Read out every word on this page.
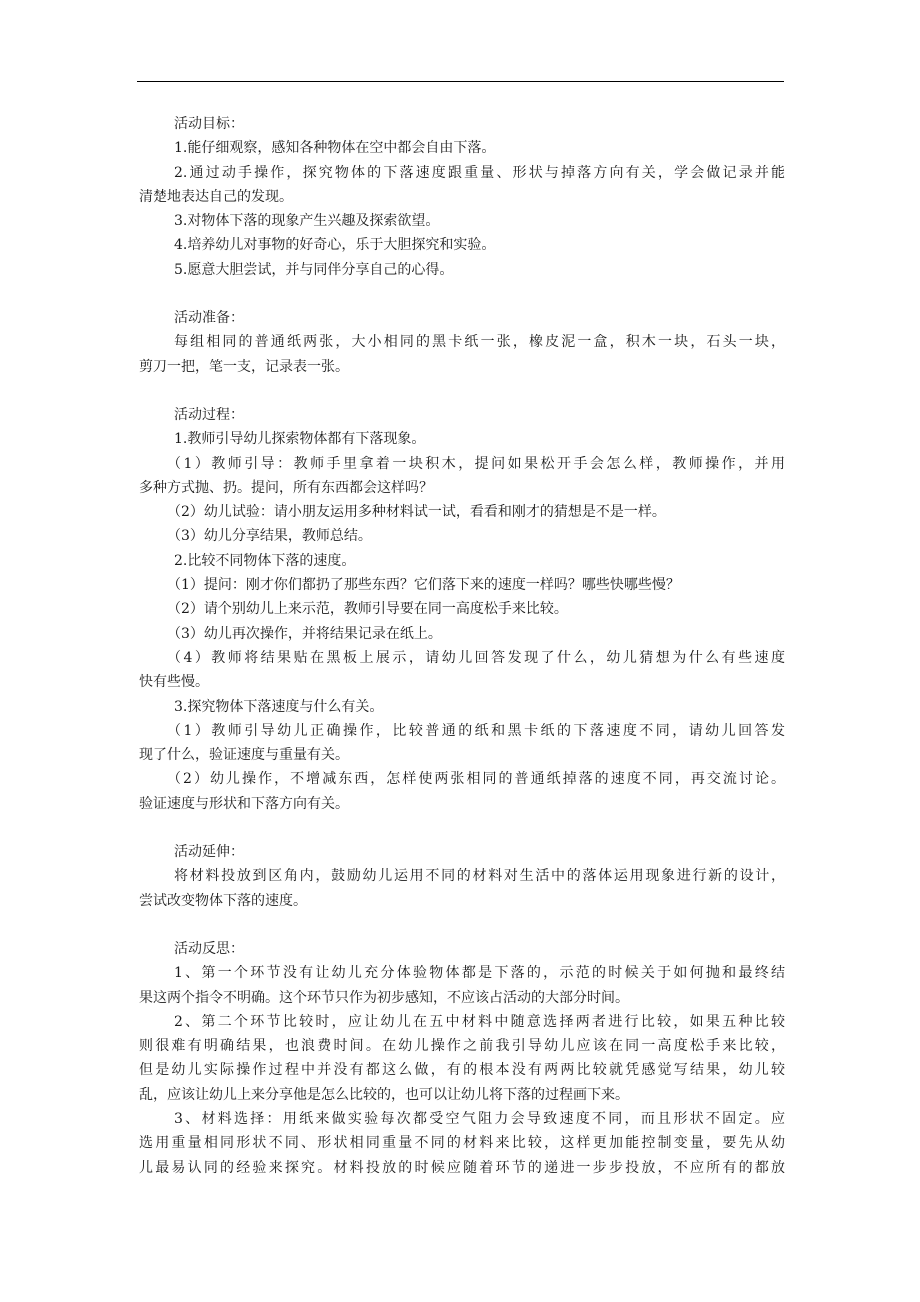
活动目标：

1.能仔细观察，感知各种物体在空中都会自由下落。

2.通过动手操作，探究物体的下落速度跟重量、形状与掉落方向有关，学会做记录并能

清楚地表达自己的发现。

3.对物体下落的现象产生兴趣及探索欲望。

4.培养幼儿对事物的好奇心，乐于大胆探究和实验。

5.愿意大胆尝试，并与同伴分享自己的心得。

活动准备：

每组相同的普通纸两张，大小相同的黑卡纸一张，橡皮泥一盒，积木一块，石头一块，

剪刀一把，笔一支，记录表一张。

活动过程：

1.教师引导幼儿探索物体都有下落现象。

（1）教师引导：教师手里拿着一块积木，提问如果松开手会怎么样，教师操作，并用

多种方式抛、扔。提问，所有东西都会这样吗？

（2）幼儿试验：请小朋友运用多种材料试一试，看看和刚才的猜想是不是一样。

（3）幼儿分享结果，教师总结。

2.比较不同物体下落的速度。

（1）提问：刚才你们都扔了那些东西？它们落下来的速度一样吗？哪些快哪些慢？

（2）请个别幼儿上来示范，教师引导要在同一高度松手来比较。

（3）幼儿再次操作，并将结果记录在纸上。

（4）教师将结果贴在黑板上展示，请幼儿回答发现了什么，幼儿猜想为什么有些速度

快有些慢。

3.探究物体下落速度与什么有关。

（1）教师引导幼儿正确操作，比较普通的纸和黑卡纸的下落速度不同，请幼儿回答发

现了什么，验证速度与重量有关。

（2）幼儿操作，不增减东西，怎样使两张相同的普通纸掉落的速度不同，再交流讨论。

验证速度与形状和下落方向有关。

活动延伸：

将材料投放到区角内，鼓励幼儿运用不同的材料对生活中的落体运用现象进行新的设计，

尝试改变物体下落的速度。

活动反思：

1、第一个环节没有让幼儿充分体验物体都是下落的，示范的时候关于如何抛和最终结

果这两个指令不明确。这个环节只作为初步感知，不应该占活动的大部分时间。

2、第二个环节比较时，应让幼儿在五中材料中随意选择两者进行比较，如果五种比较

则很难有明确结果，也浪费时间。在幼儿操作之前我引导幼儿应该在同一高度松手来比较，

但是幼儿实际操作过程中并没有都这么做，有的根本没有两两比较就凭感觉写结果，幼儿较

乱，应该让幼儿上来分享他是怎么比较的，也可以让幼儿将下落的过程画下来。

3、材料选择：用纸来做实验每次都受空气阻力会导致速度不同，而且形状不固定。应

选用重量相同形状不同、形状相同重量不同的材料来比较，这样更加能控制变量，要先从幼

儿最易认同的经验来探究。材料投放的时候应随着环节的递进一步步投放，不应所有的都放
